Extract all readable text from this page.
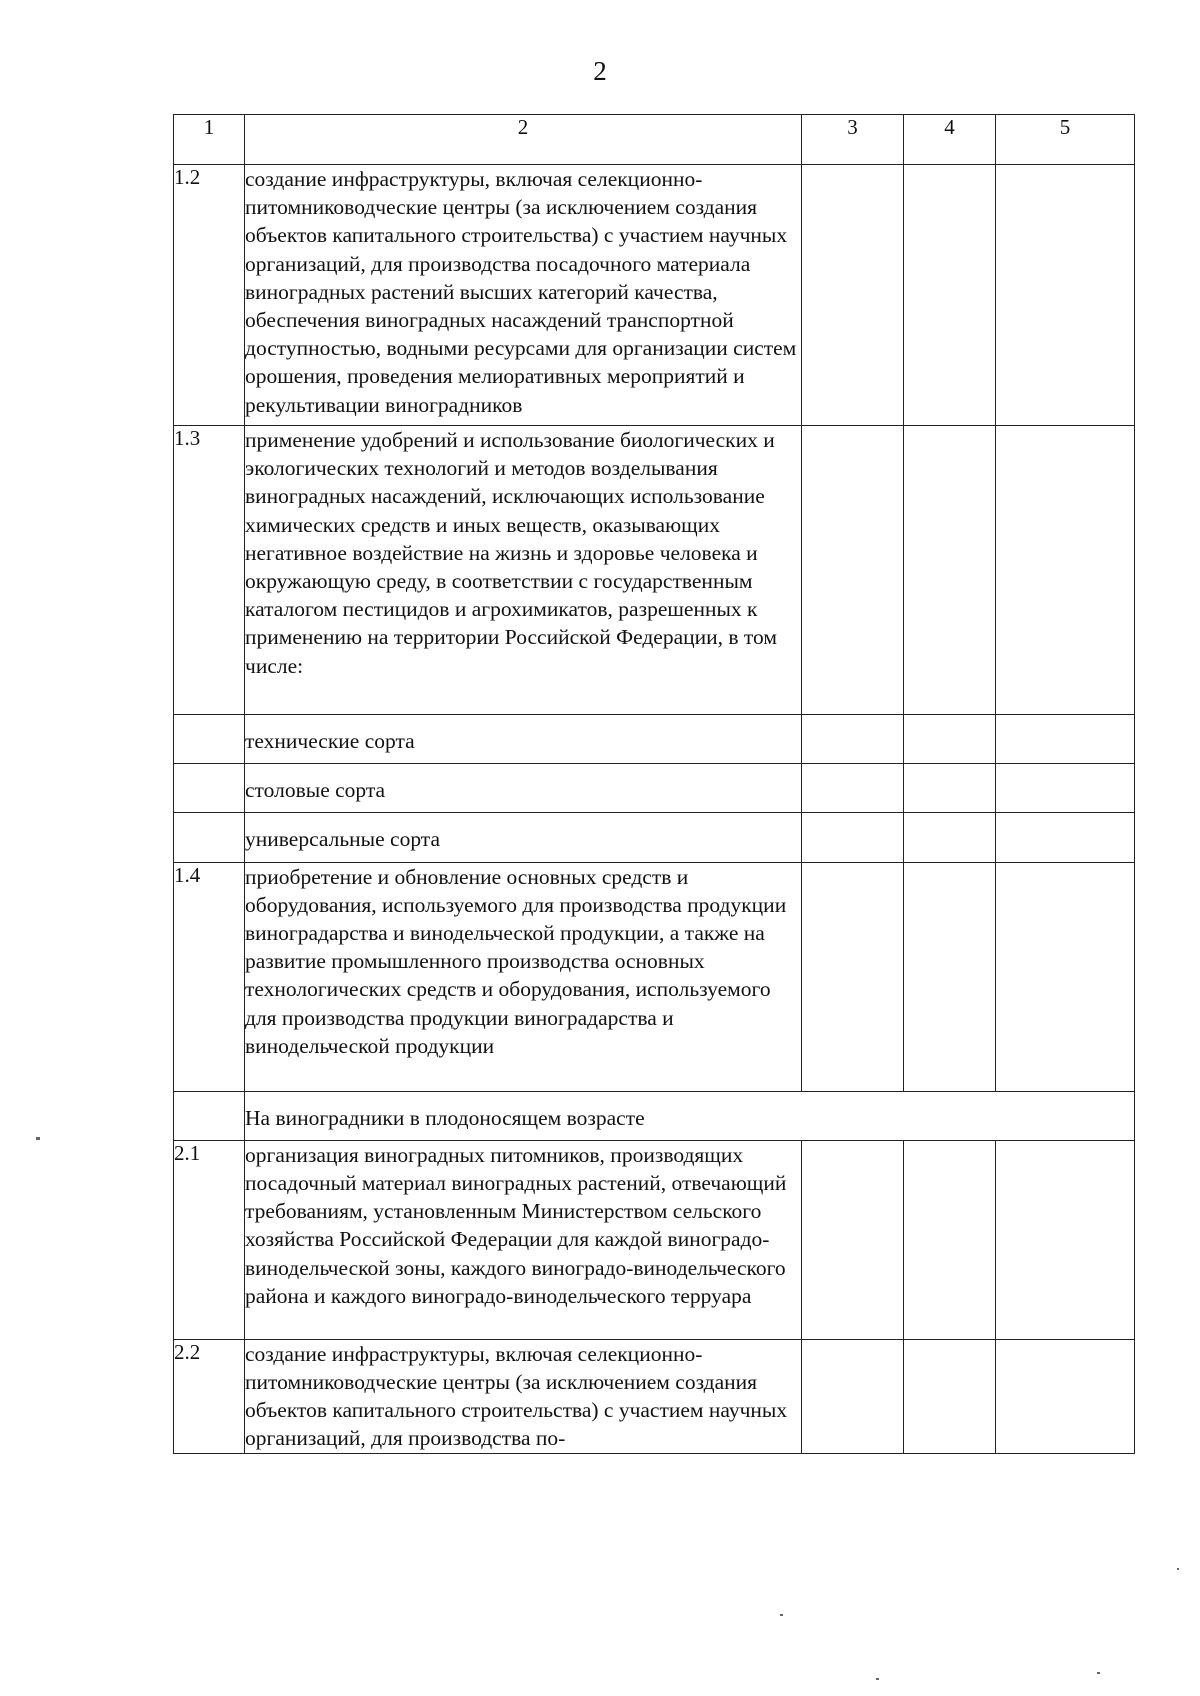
2
1	2	3	4	5
1.2	создание инфраструктуры, включая селекционно-питомниководческие центры (за исключением создания объектов капитального строительства) с участием научных организаций, для производства посадочного материала виноградных растений высших категорий качества, обеспечения виноградных насаждений транспортной доступностью, водными ресурсами для организации систем орошения, проведения мелиоративных мероприятий и рекультивации виноградников			
1.3	применение удобрений и использование биологических и экологических технологий и методов возделывания виноградных насаждений, исключающих использование химических средств и иных веществ, оказывающих негативное воздействие на жизнь и здоровье человека и окружающую среду, в соответствии с государственным каталогом пестицидов и агрохимикатов, разрешенных к применению на территории Российской Федерации, в том числе:			
	технические сорта			
	столовые сорта			
	универсальные сорта			
1.4	приобретение и обновление основных средств и оборудования, используемого для производства продукции виноградарства и винодельческой продукции, а также на развитие промышленного производства основных технологических средств и оборудования, используемого для производства продукции виноградарства и винодельческой продукции			
	На виноградники в плодоносящем возрасте			
2.1	организация виноградных питомников, производящих посадочный материал виноградных растений, отвечающий требованиям, установленным Министерством сельского хозяйства Российской Федерации для каждой виноградо-винодельческой зоны, каждого виноградо-винодельческого района и каждого виноградо-винодельческого терруара			
2.2	создание инфраструктуры, включая селекционно-питомниководческие центры (за исключением создания объектов капитального строительства) с участием научных организаций, для производства по-			
